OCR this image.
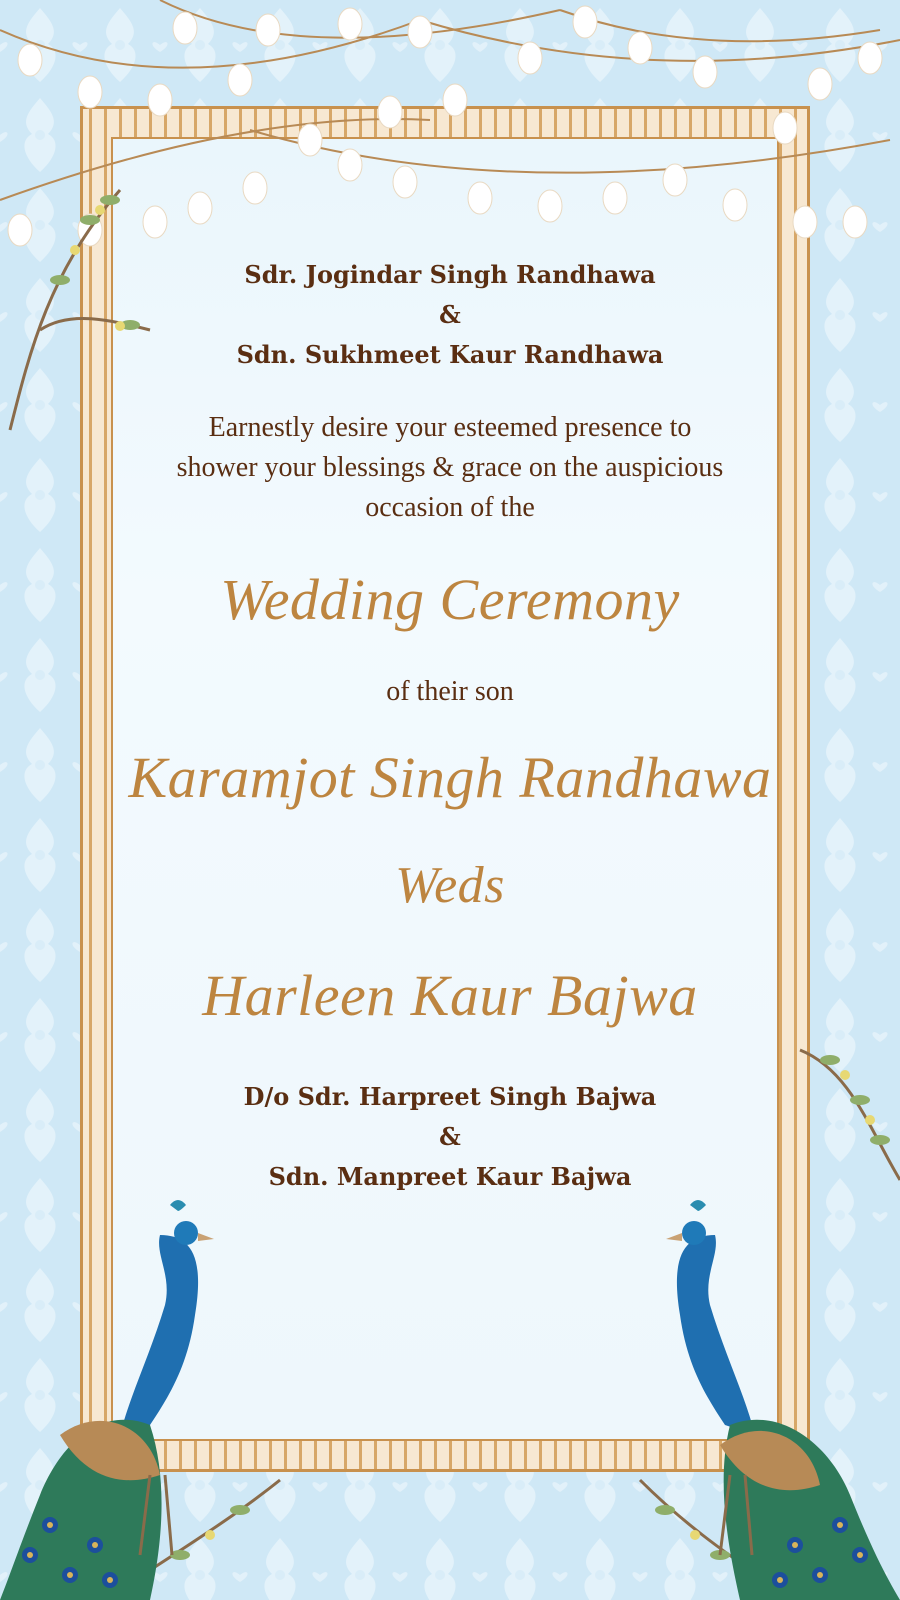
Sdr. Jogindar Singh Randhawa

&

Sdn. Sukhmeet Kaur Randhawa

Earnestly desire your esteemed presence to

shower your blessings & grace on the auspicious

occasion of the

Wedding Ceremony

of their son

Karamjot Singh Randhawa

Weds

Harleen Kaur Bajwa

D/o Sdr. Harpreet Singh Bajwa

&

Sdn. Manpreet Kaur Bajwa
